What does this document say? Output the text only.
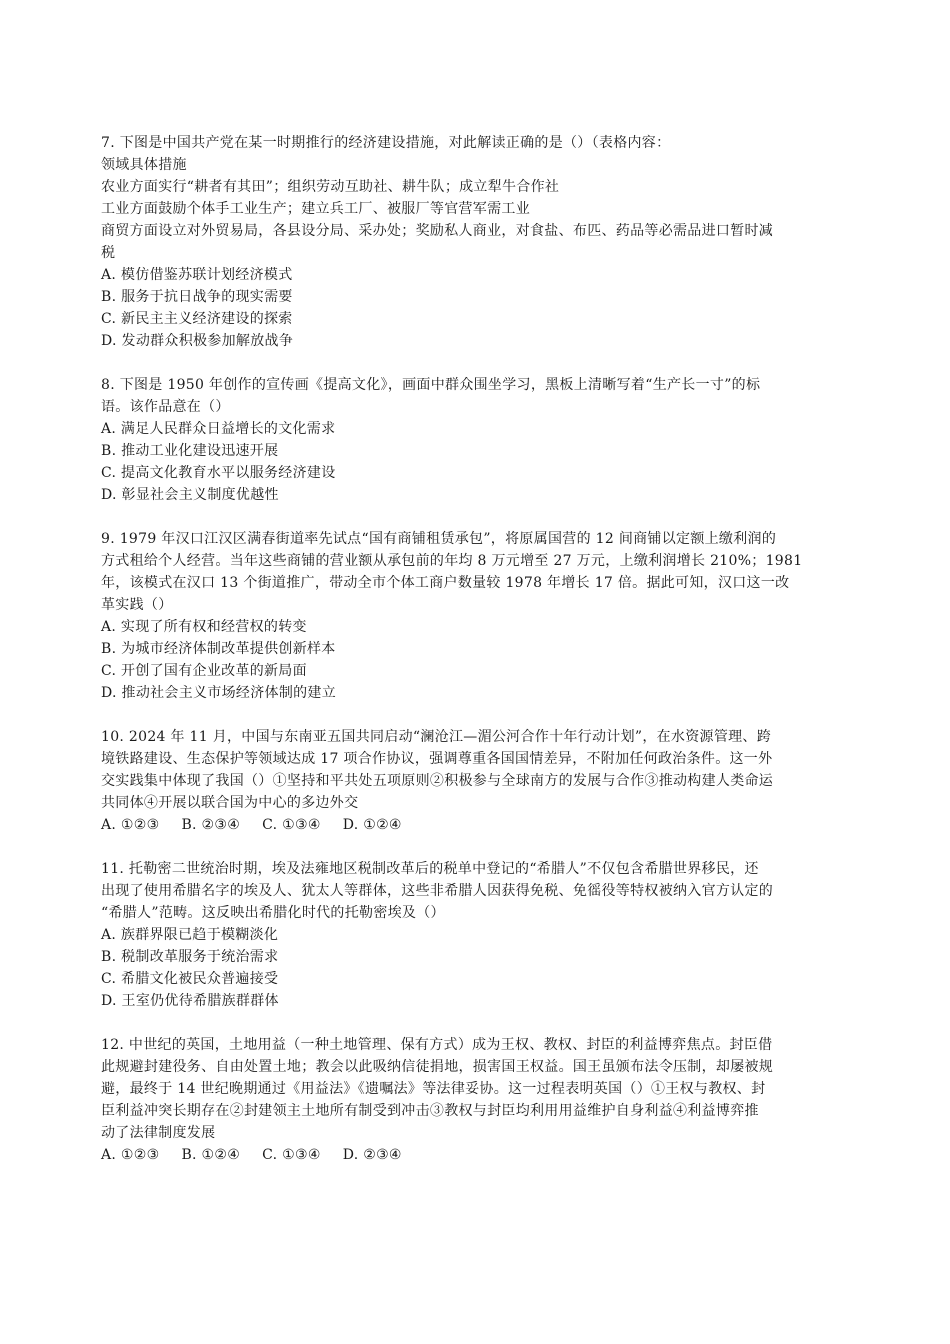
7. 下图是中国共产党在某一时期推行的经济建设措施，对此解读正确的是（）（表格内容：
领域具体措施
农业方面实行“耕者有其田”；组织劳动互助社、耕牛队；成立犁牛合作社
工业方面鼓励个体手工业生产；建立兵工厂、被服厂等官营军需工业
商贸方面设立对外贸易局，各县设分局、采办处；奖励私人商业，对食盐、布匹、药品等必需品进口暂时减
税
A. 模仿借鉴苏联计划经济模式
B. 服务于抗日战争的现实需要
C. 新民主主义经济建设的探索
D. 发动群众积极参加解放战争
8. 下图是 1950 年创作的宣传画《提高文化》，画面中群众围坐学习，黑板上清晰写着“生产长一寸”的标
语。该作品意在（）
A. 满足人民群众日益增长的文化需求
B. 推动工业化建设迅速开展
C. 提高文化教育水平以服务经济建设
D. 彰显社会主义制度优越性
9. 1979 年汉口江汉区满春街道率先试点“国有商铺租赁承包”，将原属国营的 12 间商铺以定额上缴利润的
方式租给个人经营。当年这些商铺的营业额从承包前的年均 8 万元增至 27 万元，上缴利润增长 210%；1981
年，该模式在汉口 13 个街道推广，带动全市个体工商户数量较 1978 年增长 17 倍。据此可知，汉口这一改
革实践（）
A. 实现了所有权和经营权的转变
B. 为城市经济体制改革提供创新样本
C. 开创了国有企业改革的新局面
D. 推动社会主义市场经济体制的建立
10. 2024 年 11 月，中国与东南亚五国共同启动“澜沧江—湄公河合作十年行动计划”，在水资源管理、跨
境铁路建设、生态保护等领域达成 17 项合作协议，强调尊重各国国情差异，不附加任何政治条件。这一外
交实践集中体现了我国（）①坚持和平共处五项原则②积极参与全球南方的发展与合作③推动构建人类命运
共同体④开展以联合国为中心的多边外交
A. ①②③ B. ②③④ C. ①③④ D. ①②④
11. 托勒密二世统治时期，埃及法雍地区税制改革后的税单中登记的“希腊人”不仅包含希腊世界移民，还
出现了使用希腊名字的埃及人、犹太人等群体，这些非希腊人因获得免税、免徭役等特权被纳入官方认定的
“希腊人”范畴。这反映出希腊化时代的托勒密埃及（）
A. 族群界限已趋于模糊淡化
B. 税制改革服务于统治需求
C. 希腊文化被民众普遍接受
D. 王室仍优待希腊族群群体
12. 中世纪的英国，土地用益（一种土地管理、保有方式）成为王权、教权、封臣的利益博弈焦点。封臣借
此规避封建役务、自由处置土地；教会以此吸纳信徒捐地，损害国王权益。国王虽颁布法令压制，却屡被规
避，最终于 14 世纪晚期通过《用益法》《遗嘱法》等法律妥协。这一过程表明英国（）①王权与教权、封
臣利益冲突长期存在②封建领主土地所有制受到冲击③教权与封臣均利用用益维护自身利益④利益博弈推
动了法律制度发展
A. ①②③ B. ①②④ C. ①③④ D. ②③④
